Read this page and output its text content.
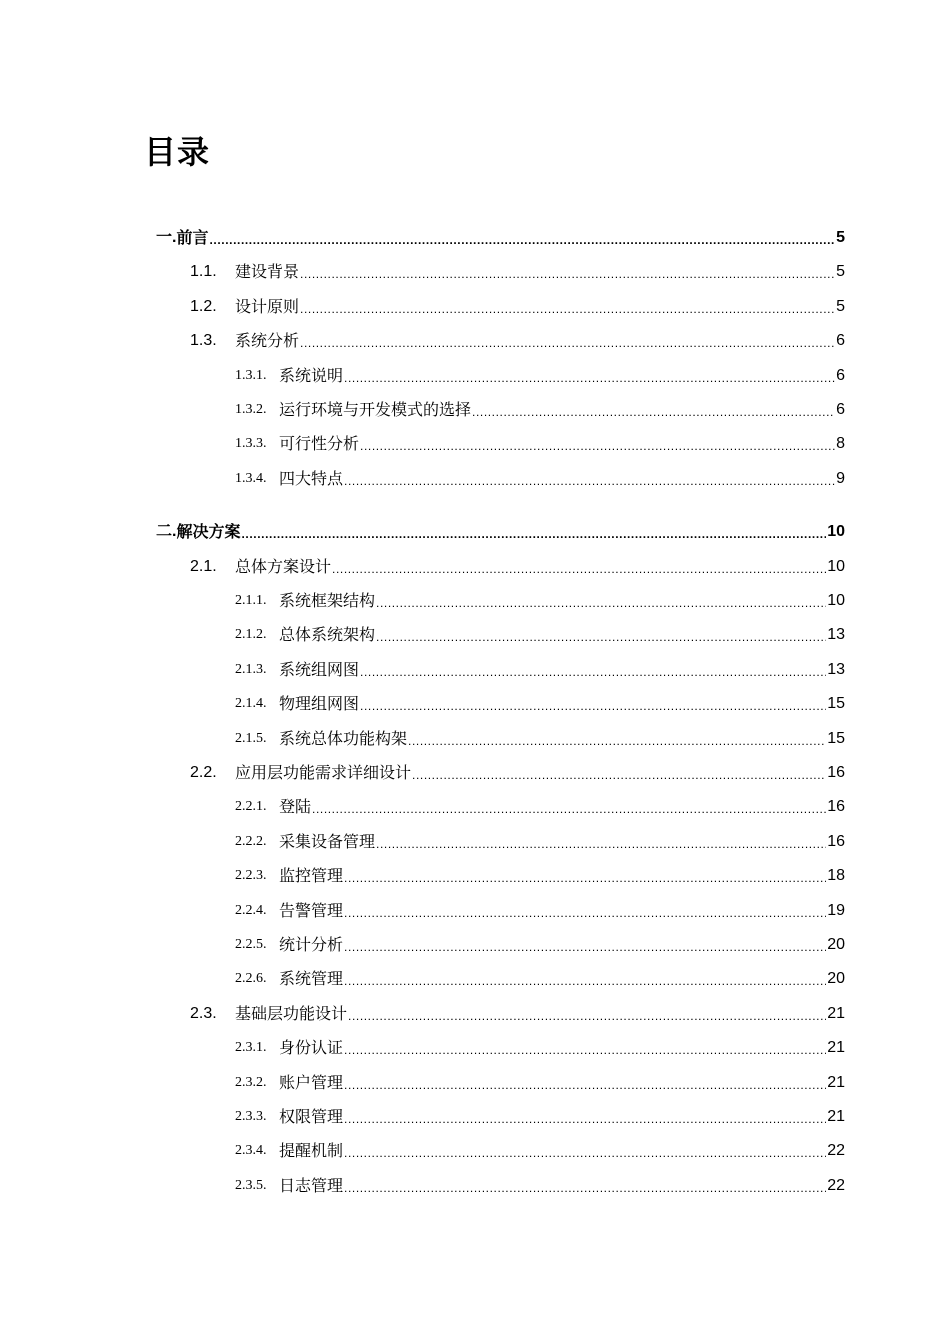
目录
一. 前言 .....	5
1.1.	建设背景 .....	5
1.2.	设计原则 .....	5
1.3.	系统分析 .....	6
1.3.1. 系统说明 .....	6
1.3.2. 运行环境与开发模式的选择 .....	6
1.3.3. 可行性分析 .....	8
1.3.4. 四大特点 .....	9
二. 解决方案 .....	10
2.1.	总体方案设计 .....	10
2.1.1. 系统框架结构 .....	10
2.1.2. 总体系统架构 .....	13
2.1.3. 系统组网图 .....	13
2.1.4. 物理组网图 .....	15
2.1.5. 系统总体功能构架 .....	15
2.2.	应用层功能需求详细设计 .....	16
2.2.1. 登陆 .....	16
2.2.2. 采集设备管理 .....	16
2.2.3. 监控管理 .....	18
2.2.4. 告警管理 .....	19
2.2.5. 统计分析 .....	20
2.2.6. 系统管理 .....	20
2.3.	基础层功能设计 .....	21
2.3.1. 身份认证 .....	21
2.3.2. 账户管理 .....	21
2.3.3. 权限管理 .....	21
2.3.4. 提醒机制 .....	22
2.3.5. 日志管理 .....	22
